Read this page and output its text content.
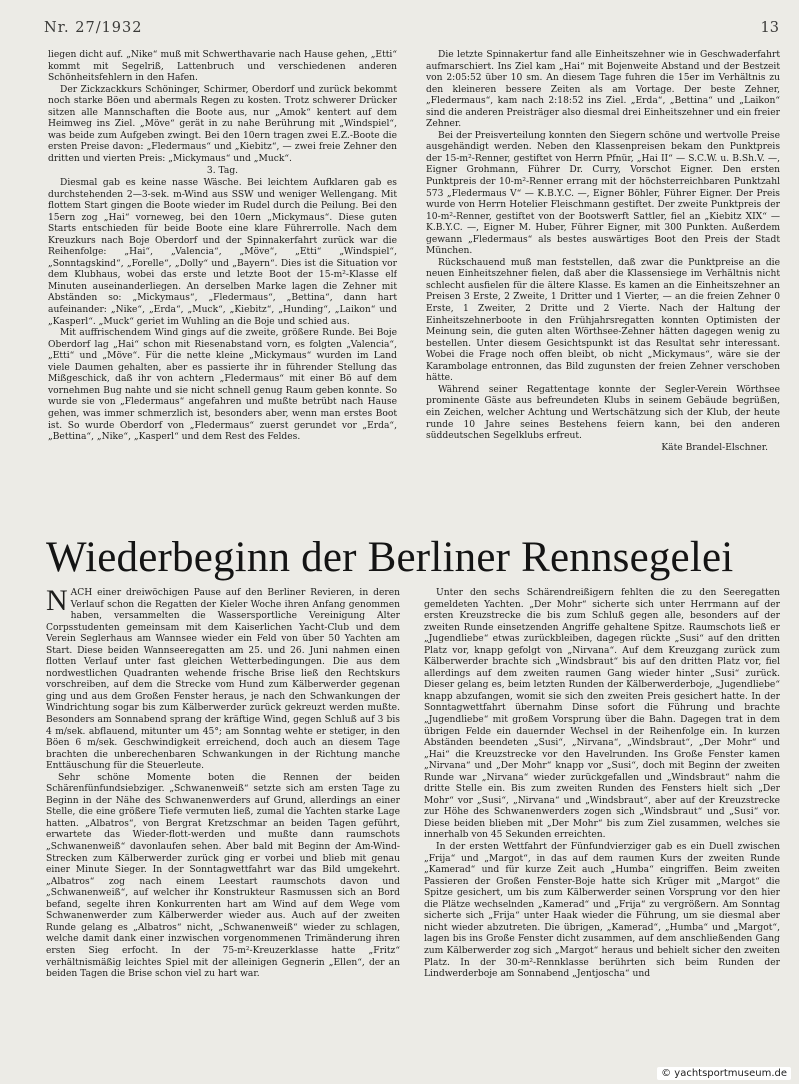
Nr. 27/1932	13

liegen dicht auf. „Nike“ muß mit Schwerthavarie nach Hause gehen, „Etti“ kommt mit Segelriß, Lattenbruch und verschiedenen anderen Schönheitsfehlern in den Hafen.

Der Zickzackkurs Schöninger, Schirmer, Oberdorf und zurück bekommt noch starke Böen und abermals Regen zu kosten. Trotz schwerer Drücker sitzen alle Mannschaften die Boote aus, nur „Amok“ kentert auf dem Heimweg ins Ziel. „Möve“ gerät in zu nahe Berührung mit „Windspiel“, was beide zum Aufgeben zwingt. Bei den 10ern tragen zwei E.Z.-Boote die ersten Preise davon: „Fledermaus“ und „Kiebitz“, — zwei freie Zehner den dritten und vierten Preis: „Mickymaus“ und „Muck“.

3. Tag.

Diesmal gab es keine nasse Wäsche. Bei leichtem Aufklaren gab es durchstehenden 2—3-sek. m-Wind aus SSW und weniger Wellengang. Mit flottem Start gingen die Boote wieder im Rudel durch die Peilung. Bei den 15ern zog „Hai“ vorneweg, bei den 10ern „Mickymaus“. Diese guten Starts entschieden für beide Boote eine klare Führerrolle. Nach dem Kreuzkurs nach Boje Oberdorf und der Spinnakerfahrt zurück war die Reihenfolge: „Hai“, „Valencia“, „Möve“, „Etti“ „Windspiel“, „Sonntagskind“, „Forelle“, „Dolly“ und „Bayern“. Dies ist die Situation vor dem Klubhaus, wobei das erste und letzte Boot der 15-m²-Klasse elf Minuten auseinanderliegen. An derselben Marke lagen die Zehner mit Abständen so: „Mickymaus“, „Fledermaus“, „Bettina“, dann hart aufeinander: „Nike“, „Erda“, „Muck“, „Kiebitz“, „Hunding“, „Laikon“ und „Kasperl“. „Muck“ geriet im Wuhling an die Boje und schied aus.

Mit auffrischendem Wind gings auf die zweite, größere Runde. Bei Boje Oberdorf lag „Hai“ schon mit Riesenabstand vorn, es folgten „Valencia“, „Etti“ und „Möve“. Für die nette kleine „Mickymaus“ wurden im Land viele Daumen gehalten, aber es passierte ihr in führender Stellung das Mißgeschick, daß ihr von achtern „Fledermaus“ mit einer Bö auf dem vornehmen Bug nahte und sie nicht schnell genug Raum geben konnte. So wurde sie von „Fledermaus“ angefahren und mußte betrübt nach Hause gehen, was immer schmerzlich ist, besonders aber, wenn man erstes Boot ist. So wurde Oberdorf von „Fledermaus“ zuerst gerundet vor „Erda“, „Bettina“, „Nike“, „Kasperl“ und dem Rest des Feldes.

Die letzte Spinnakertur fand alle Einheitszehner wie in Geschwaderfahrt aufmarschiert. Ins Ziel kam „Hai“ mit Bojenweite Abstand und der Bestzeit von 2:05:52 über 10 sm. An diesem Tage fuhren die 15er im Verhältnis zu den kleineren bessere Zeiten als am Vortage. Der beste Zehner, „Fledermaus“, kam nach 2:18:52 ins Ziel. „Erda“, „Bettina“ und „Laikon“ sind die anderen Preisträger also diesmal drei Einheitszehner und ein freier Zehner.

Bei der Preisverteilung konnten den Siegern schöne und wertvolle Preise ausgehändigt werden. Neben den Klassenpreisen bekam den Punktpreis der 15-m²-Renner, gestiftet von Herrn Pfnür, „Hai II“ — S.C.W. u. B.Sh.V. —, Eigner Grohmann, Führer Dr. Curry, Vorschot Eigner. Den ersten Punktpreis der 10-m²-Renner errang mit der höchsterreichbaren Punktzahl 573 „Fledermaus V“ — K.B.Y.C. —, Eigner Böhler, Führer Eigner. Der Preis wurde von Herrn Hotelier Fleischmann gestiftet. Der zweite Punktpreis der 10-m²-Renner, gestiftet von der Bootswerft Sattler, fiel an „Kiebitz XIX“ — K.B.Y.C. —, Eigner M. Huber, Führer Eigner, mit 300 Punkten. Außerdem gewann „Fledermaus“ als bestes auswärtiges Boot den Preis der Stadt München.

Rückschauend muß man feststellen, daß zwar die Punktpreise an die neuen Einheitszehner fielen, daß aber die Klassensiege im Verhältnis nicht schlecht ausfielen für die ältere Klasse. Es kamen an die Einheitszehner an Preisen 3 Erste, 2 Zweite, 1 Dritter und 1 Vierter, — an die freien Zehner 0 Erste, 1 Zweiter, 2 Dritte und 2 Vierte. Nach der Haltung der Einheitszehnerboote in den Frühjahrsregatten konnten Optimisten der Meinung sein, die guten alten Wörthsee-Zehner hätten dagegen wenig zu bestellen. Unter diesem Gesichtspunkt ist das Resultat sehr interessant. Wobei die Frage noch offen bleibt, ob nicht „Mickymaus“, wäre sie der Karambolage entronnen, das Bild zugunsten der freien Zehner verschoben hätte.

Während seiner Regattentage konnte der Segler-Verein Wörthsee prominente Gäste aus befreundeten Klubs in seinem Gebäude begrüßen, ein Zeichen, welcher Achtung und Wertschätzung sich der Klub, der heute runde 10 Jahre seines Bestehens feiern kann, bei den anderen süddeutschen Segelklubs erfreut.

Käte Brandel-Elschner.

Wiederbeginn der Berliner Rennsegelei

NACH einer dreiwöchigen Pause auf den Berliner Revieren, in deren Verlauf schon die Regatten der Kieler Woche ihren Anfang genommen haben, versammelten die Wassersportliche Vereinigung Alter Corpsstudenten gemeinsam mit dem Kaiserlichen Yacht-Club und dem Verein Seglerhaus am Wannsee wieder ein Feld von über 50 Yachten am Start. Diese beiden Wannseeregatten am 25. und 26. Juni nahmen einen flotten Verlauf unter fast gleichen Wetterbedingungen. Die aus dem nordwestlichen Quadranten wehende frische Brise ließ den Rechtskurs vorschreiben, auf dem die Strecke vom Hund zum Kälberwerder gegenan ging und aus dem Großen Fenster heraus, je nach den Schwankungen der Windrichtung sogar bis zum Kälberwerder zurück gekreuzt werden mußte. Besonders am Sonnabend sprang der kräftige Wind, gegen Schluß auf 3 bis 4 m/sek. abflauend, mitunter um 45°; am Sonntag wehte er stetiger, in den Böen 6 m/sek. Geschwindigkeit erreichend, doch auch an diesem Tage brachten die unberechenbaren Schwankungen in der Richtung manche Enttäuschung für die Steuerleute.

Sehr schöne Momente boten die Rennen der beiden Schärenfünfundsiebziger. „Schwanenweiß“ setzte sich am ersten Tage zu Beginn in der Nähe des Schwanenwerders auf Grund, allerdings an einer Stelle, die eine größere Tiefe vermuten ließ, zumal die Yachten starke Lage hatten. „Albatros“, von Bergrat Kretzschmar an beiden Tagen geführt, erwartete das Wieder-flott-werden und mußte dann raumschots „Schwanenweiß“ davonlaufen sehen. Aber bald mit Beginn der Am-Wind-Strecken zum Kälberwerder zurück ging er vorbei und blieb mit genau einer Minute Sieger. In der Sonntagwettfahrt war das Bild umgekehrt. „Albatros“ zog nach einem Leestart raumschots davon und „Schwanenweiß“, auf welcher ihr Konstrukteur Rasmussen sich an Bord befand, segelte ihren Konkurrenten hart am Wind auf dem Wege vom Schwanenwerder zum Kälberwerder wieder aus. Auch auf der zweiten Runde gelang es „Albatros“ nicht, „Schwanenweiß“ wieder zu schlagen, welche damit dank einer inzwischen vorgenommenen Trimänderung ihren ersten Sieg erfocht. In der 75-m²-Kreuzerklasse hatte „Fritz“ verhältnismäßig leichtes Spiel mit der alleinigen Gegnerin „Ellen“, der an beiden Tagen die Brise schon viel zu hart war.

Unter den sechs Schärendreißigern fehlten die zu den Seeregatten gemeldeten Yachten. „Der Mohr“ sicherte sich unter Herrmann auf der ersten Kreuzstrecke die bis zum Schluß gegen alle, besonders auf der zweiten Runde einsetzenden Angriffe gehaltene Spitze. Raumschots ließ er „Jugendliebe“ etwas zurückbleiben, dagegen rückte „Susi“ auf den dritten Platz vor, knapp gefolgt von „Nirvana“. Auf dem Kreuzgang zurück zum Kälberwerder brachte sich „Windsbraut“ bis auf den dritten Platz vor, fiel allerdings auf dem zweiten raumen Gang wieder hinter „Susi“ zurück. Dieser gelang es, beim letzten Runden der Kälberwerderboje, „Jugendliebe“ knapp abzufangen, womit sie sich den zweiten Preis gesichert hatte. In der Sonntagwettfahrt übernahm Dinse sofort die Führung und brachte „Jugendliebe“ mit großem Vorsprung über die Bahn. Dagegen trat in dem übrigen Felde ein dauernder Wechsel in der Reihenfolge ein. In kurzen Abständen beendeten „Susi“, „Nirvana“, „Windsbraut“, „Der Mohr“ und „Hai“ die Kreuzstrecke vor den Havelrunden. Ins Große Fenster kamen „Nirvana“ und „Der Mohr“ knapp vor „Susi“, doch mit Beginn der zweiten Runde war „Nirvana“ wieder zurückgefallen und „Windsbraut“ nahm die dritte Stelle ein. Bis zum zweiten Runden des Fensters hielt sich „Der Mohr“ vor „Susi“, „Nirvana“ und „Windsbraut“, aber auf der Kreuzstrecke zur Höhe des Schwanenwerders zogen sich „Windsbraut“ und „Susi“ vor. Diese beiden blieben mit „Der Mohr“ bis zum Ziel zusammen, welches sie innerhalb von 45 Sekunden erreichten.

In der ersten Wettfahrt der Fünfundvierziger gab es ein Duell zwischen „Frija“ und „Margot“, in das auf dem raumen Kurs der zweiten Runde „Kamerad“ und für kurze Zeit auch „Humba“ eingriffen. Beim zweiten Passieren der Großen Fenster-Boje hatte sich Krüger mit „Margot“ die Spitze gesichert, um bis zum Kälberwerder seinen Vorsprung vor den hier die Plätze wechselnden „Kamerad“ und „Frija“ zu vergrößern. Am Sonntag sicherte sich „Frija“ unter Haak wieder die Führung, um sie diesmal aber nicht wieder abzutreten. Die übrigen, „Kamerad“, „Humba“ und „Margot“, lagen bis ins Große Fenster dicht zusammen, auf dem anschließenden Gang zum Kälberwerder zog sich „Margot“ heraus und behielt sicher den zweiten Platz. In der 30-m²-Rennklasse berührten sich beim Runden der Lindwerderboje am Sonnabend „Jentjoscha“ und

© yachtsportmuseum.de
